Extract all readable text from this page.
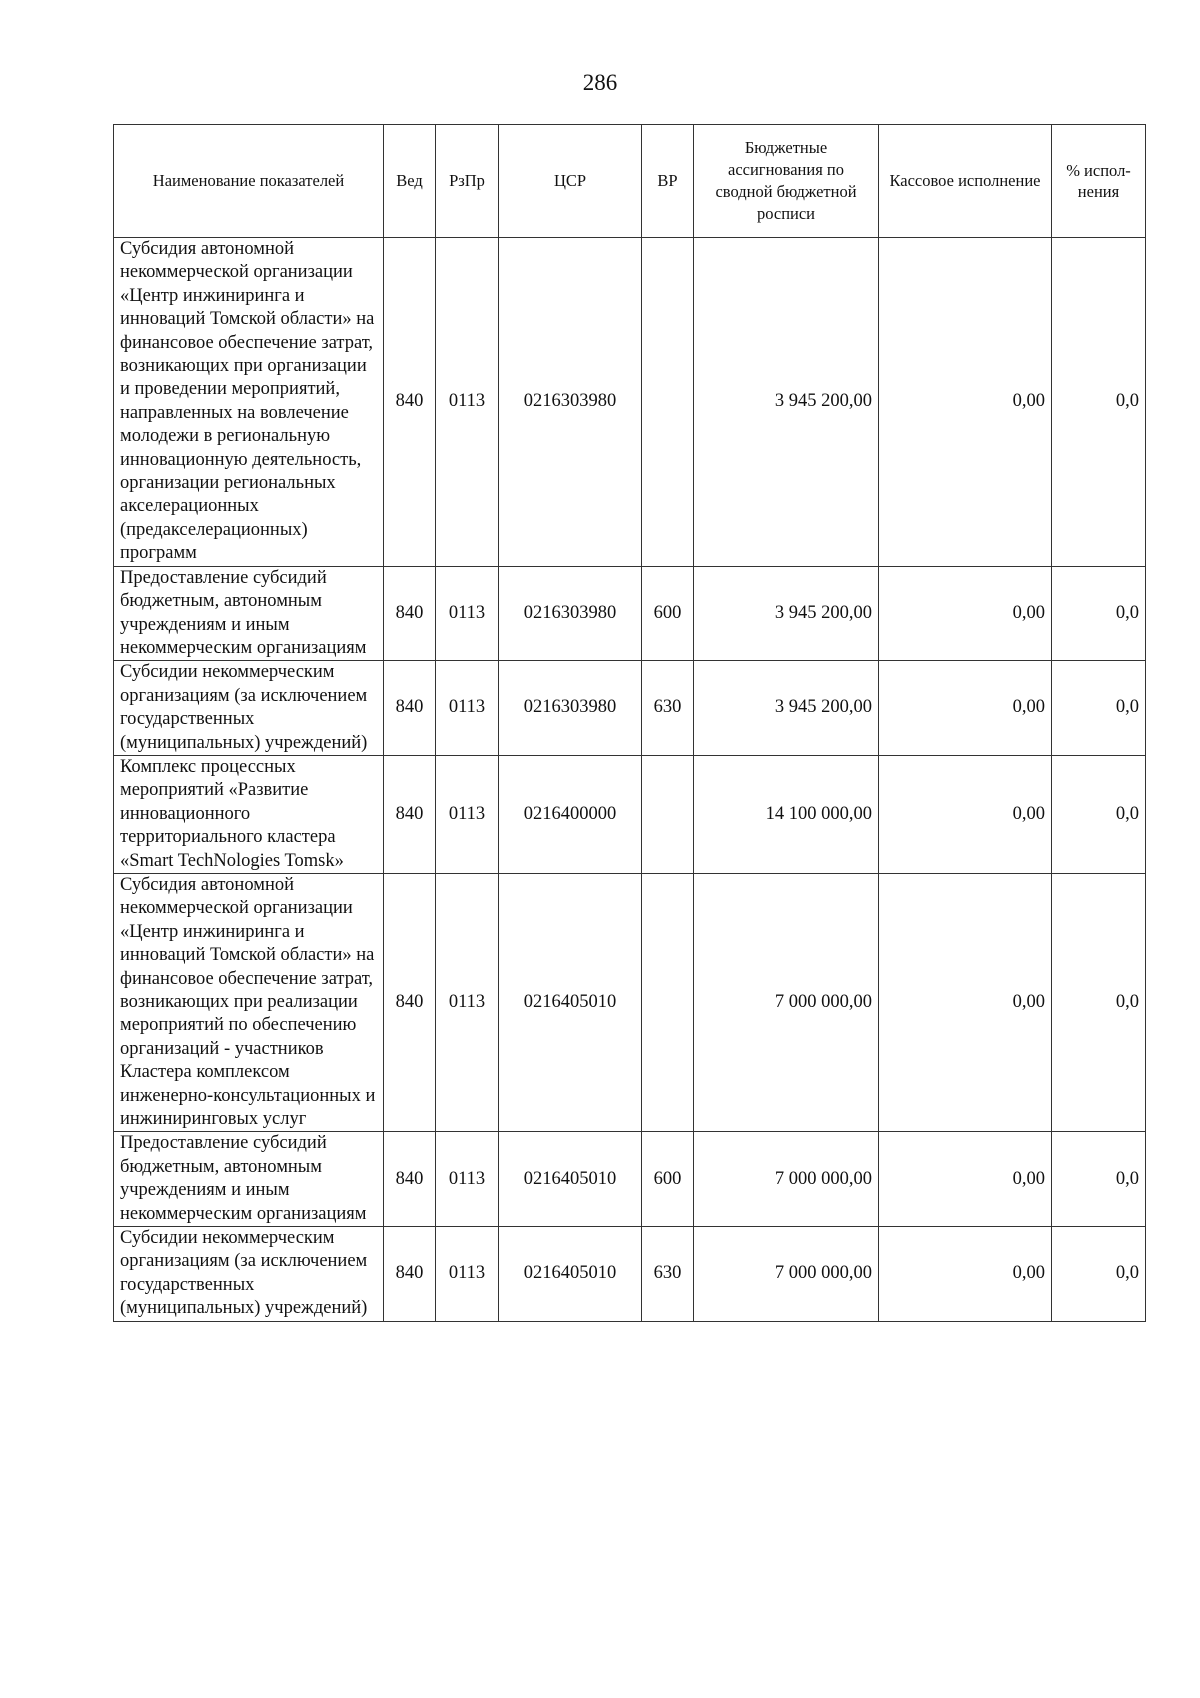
286
Наименование показателей	Вед	РзПр	ЦСР	ВР	Бюджетные ассигнования по сводной бюджетной росписи	Кассовое исполнение	% испол-нения
Субсидия автономной некоммерческой организации «Центр инжиниринга и инноваций Томской области» на финансовое обеспечение затрат, возникающих при организации и проведении мероприятий, направленных на вовлечение молодежи в региональную инновационную деятельность, организации региональных акселерационных (предакселерационных) программ	840	0113	0216303980		3 945 200,00	0,00	0,0
Предоставление субсидий бюджетным, автономным учреждениям и иным некоммерческим организациям	840	0113	0216303980	600	3 945 200,00	0,00	0,0
Субсидии некоммерческим организациям (за исключением государственных (муниципальных) учреждений)	840	0113	0216303980	630	3 945 200,00	0,00	0,0
Комплекс процессных мероприятий «Развитие инновационного территориального кластера «Smart TechNologies Tomsk»	840	0113	0216400000		14 100 000,00	0,00	0,0
Субсидия автономной некоммерческой организации «Центр инжиниринга и инноваций Томской области» на финансовое обеспечение затрат, возникающих при реализации мероприятий по обеспечению организаций - участников Кластера комплексом инженерно-консультационных и инжиниринговых услуг	840	0113	0216405010		7 000 000,00	0,00	0,0
Предоставление субсидий бюджетным, автономным учреждениям и иным некоммерческим организациям	840	0113	0216405010	600	7 000 000,00	0,00	0,0
Субсидии некоммерческим организациям (за исключением государственных (муниципальных) учреждений)	840	0113	0216405010	630	7 000 000,00	0,00	0,0
